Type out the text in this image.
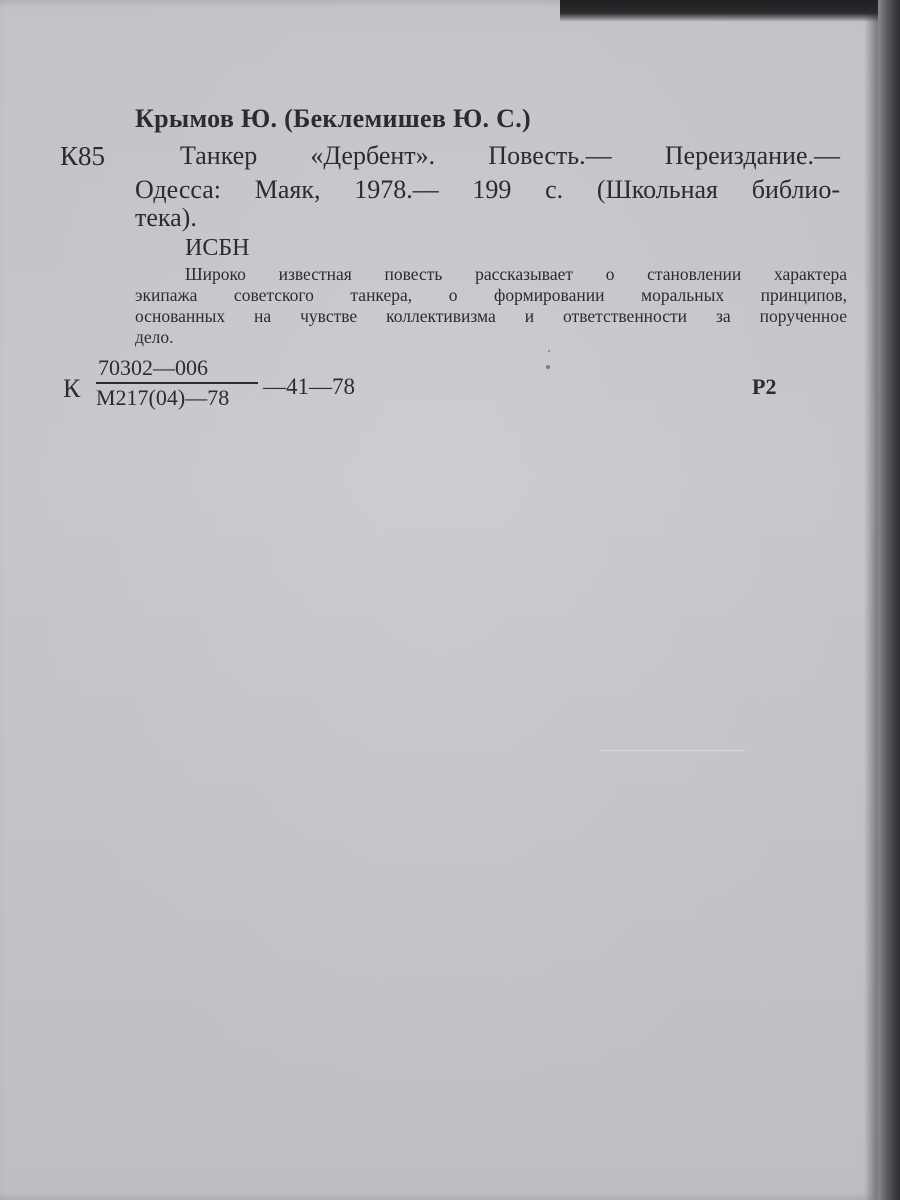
Крымов Ю. (Беклемишев Ю. С.)

К85	Танкер «Дербент». Повесть.— Переиздание.—

Одесса: Маяк, 1978.— 199 с. (Школьная библио-

тека).

ИСБН

Широко известная повесть рассказывает о становлении характера

экипажа советского танкера, о формировании моральных принципов,

основанных на чувстве коллективизма и ответственности за порученное

дело.

К

70302—006

М217(04)—78 —41—78	Р2
